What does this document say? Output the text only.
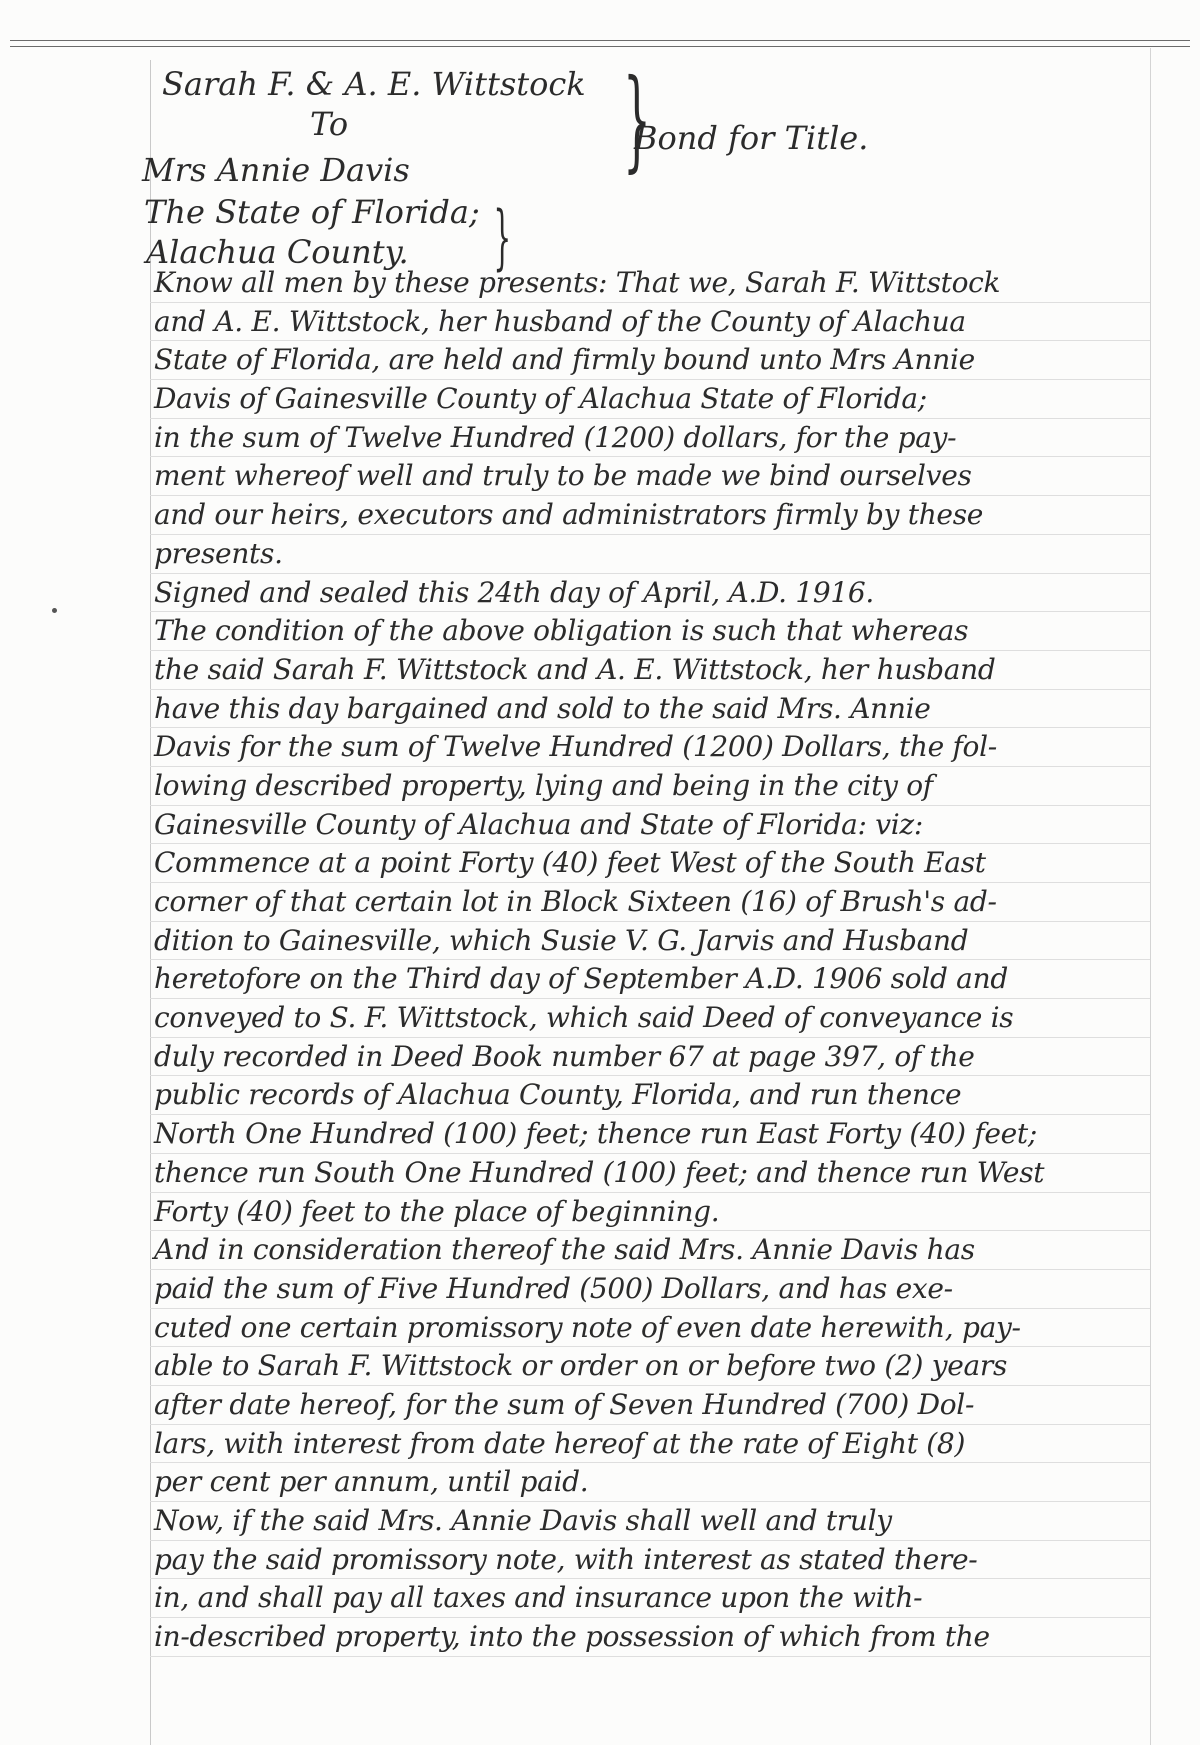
Sarah F. & A. E. Wittstock
To
Mrs Annie Davis
The State of Florida;
Alachua County.
}
}
Bond for Title.
Know all men by these presents: That we, Sarah F. Wittstock
and A. E. Wittstock, her husband of the County of Alachua
State of Florida, are held and firmly bound unto Mrs Annie
Davis of Gainesville County of Alachua State of Florida;
in the sum of Twelve Hundred (1200) dollars, for the pay-
ment whereof well and truly to be made we bind ourselves
and our heirs, executors and administrators firmly by these
presents.
Signed and sealed this 24th day of April, A.D. 1916.
The condition of the above obligation is such that whereas
the said Sarah F. Wittstock and A. E. Wittstock, her husband
have this day bargained and sold to the said Mrs. Annie
Davis for the sum of Twelve Hundred (1200) Dollars, the fol-
lowing described property, lying and being in the city of
Gainesville County of Alachua and State of Florida: viz:
Commence at a point Forty (40) feet West of the South East
corner of that certain lot in Block Sixteen (16) of Brush's ad-
dition to Gainesville, which Susie V. G. Jarvis and Husband
heretofore on the Third day of September A.D. 1906 sold and
conveyed to S. F. Wittstock, which said Deed of conveyance is
duly recorded in Deed Book number 67 at page 397, of the
public records of Alachua County, Florida, and run thence
North One Hundred (100) feet; thence run East Forty (40) feet;
thence run South One Hundred (100) feet; and thence run West
Forty (40) feet to the place of beginning.
And in consideration thereof the said Mrs. Annie Davis has
paid the sum of Five Hundred (500) Dollars, and has exe-
cuted one certain promissory note of even date herewith, pay-
able to Sarah F. Wittstock or order on or before two (2) years
after date hereof, for the sum of Seven Hundred (700) Dol-
lars, with interest from date hereof at the rate of Eight (8)
per cent per annum, until paid.
Now, if the said Mrs. Annie Davis shall well and truly
pay the said promissory note, with interest as stated there-
in, and shall pay all taxes and insurance upon the with-
in-described property, into the possession of which from the
